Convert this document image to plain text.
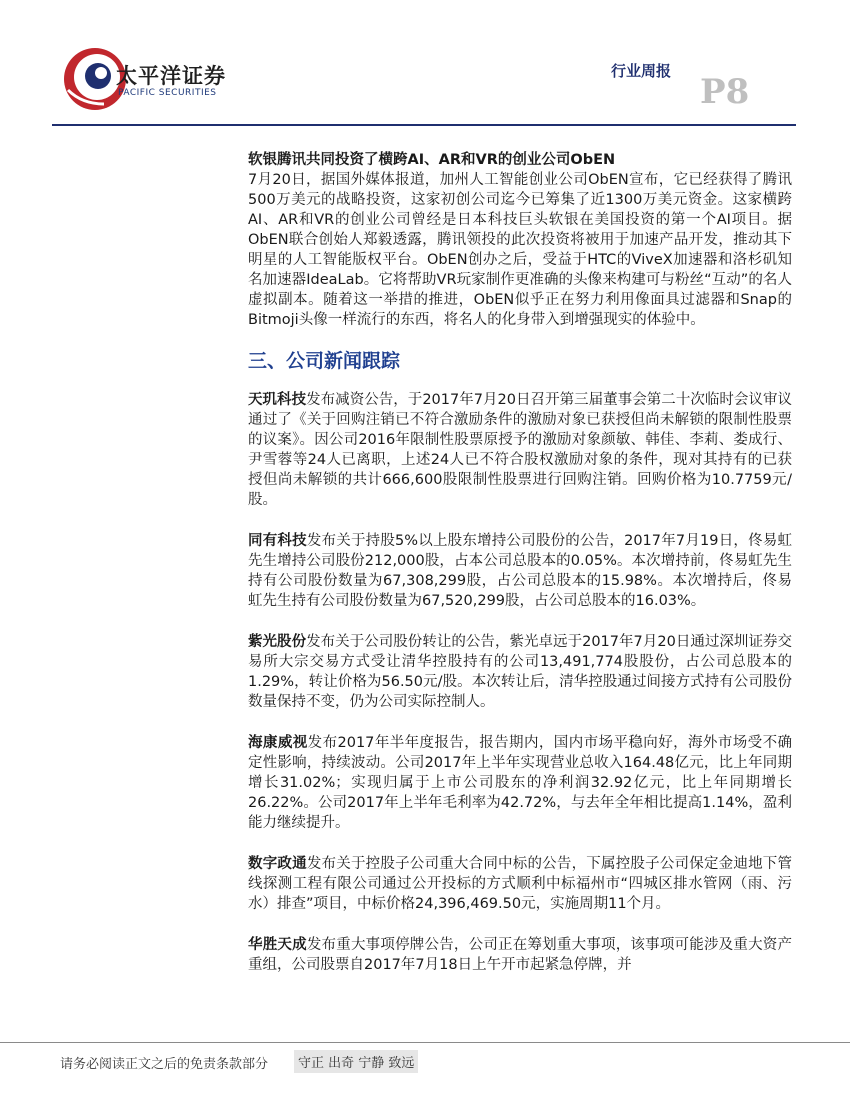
太平洋证券
PACIFIC SECURITIES
行业周报
P8

软银腾讯共同投资了横跨AI、AR和VR的创业公司ObEN

7月20日，据国外媒体报道，加州人工智能创业公司ObEN宣布，它已经获得了腾讯500万美元的战略投资，这家初创公司迄今已筹集了近1300万美元资金。这家横跨AI、AR和VR的创业公司曾经是日本科技巨头软银在美国投资的第一个AI项目。据ObEN联合创始人郑毅透露，腾讯领投的此次投资将被用于加速产品开发，推动其下明星的人工智能版权平台。ObEN创办之后，受益于HTC的ViveX加速器和洛杉矶知名加速器IdeaLab。它将帮助VR玩家制作更准确的头像来构建可与粉丝“互动”的名人虚拟副本。随着这一举措的推进，ObEN似乎正在努力利用像面具过滤器和Snap的Bitmoji头像一样流行的东西，将名人的化身带入到增强现实的体验中。

三、公司新闻跟踪

天玑科技发布减资公告，于2017年7月20日召开第三届董事会第二十次临时会议审议通过了《关于回购注销已不符合激励条件的激励对象已获授但尚未解锁的限制性股票的议案》。因公司2016年限制性股票原授予的激励对象颜敏、韩佳、李莉、娄成行、尹雪蓉等24人已离职，上述24人已不符合股权激励对象的条件，现对其持有的已获授但尚未解锁的共计666,600股限制性股票进行回购注销。回购价格为10.7759元/股。

同有科技发布关于持股5%以上股东增持公司股份的公告，2017年7月19日，佟易虹先生增持公司股份212,000股，占本公司总股本的0.05%。本次增持前，佟易虹先生持有公司股份数量为67,308,299股，占公司总股本的15.98%。本次增持后，佟易虹先生持有公司股份数量为67,520,299股，占公司总股本的16.03%。

紫光股份发布关于公司股份转让的公告，紫光卓远于2017年7月20日通过深圳证券交易所大宗交易方式受让清华控股持有的公司13,491,774股股份，占公司总股本的1.29%，转让价格为56.50元/股。本次转让后，清华控股通过间接方式持有公司股份数量保持不变，仍为公司实际控制人。

海康威视发布2017年半年度报告，报告期内，国内市场平稳向好，海外市场受不确定性影响，持续波动。公司2017年上半年实现营业总收入164.48亿元，比上年同期增长31.02%；实现归属于上市公司股东的净利润32.92亿元，比上年同期增长26.22%。公司2017年上半年毛利率为42.72%，与去年全年相比提高1.14%，盈利能力继续提升。

数字政通发布关于控股子公司重大合同中标的公告，下属控股子公司保定金迪地下管线探测工程有限公司通过公开投标的方式顺利中标福州市“四城区排水管网（雨、污水）排查”项目，中标价格24,396,469.50元，实施周期11个月。

华胜天成发布重大事项停牌公告，公司正在筹划重大事项，该事项可能涉及重大资产重组，公司股票自2017年7月18日上午开市起紧急停牌，并

请务必阅读正文之后的免责条款部分	守正 出奇 宁静 致远
